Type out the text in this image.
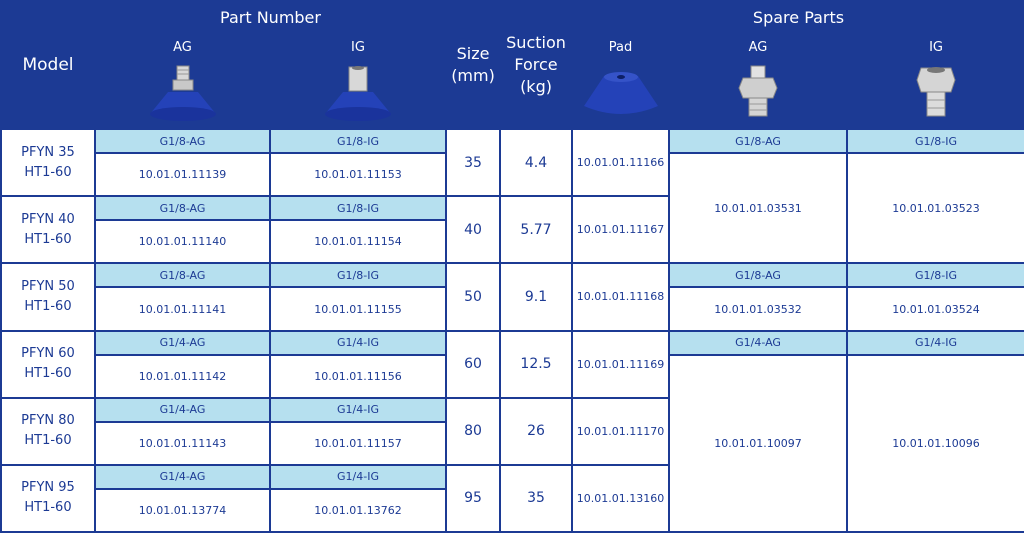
Model	Part Number		Size (mm)	Suction Force (kg)	Spare Parts		
	AG	IG			Pad	AG	IG

PFYN 35
HT1-60	G1/8-AG	G1/8-IG	35	4.4	10.01.01.11166	G1/8-AG	G1/8-IG
	10.01.01.11139	10.01.01.11153				10.01.01.03531	10.01.01.03523
PFYN 40
HT1-60	G1/8-AG	G1/8-IG	40	5.77	10.01.01.11167		
	10.01.01.11140	10.01.01.11154					
PFYN 50
HT1-60	G1/8-AG	G1/8-IG	50	9.1	10.01.01.11168	G1/8-AG	G1/8-IG
	10.01.01.11141	10.01.01.11155				10.01.01.03532	10.01.01.03524
PFYN 60
HT1-60	G1/4-AG	G1/4-IG	60	12.5	10.01.01.11169	G1/4-AG	G1/4-IG
	10.01.01.11142	10.01.01.11156				10.01.01.10097	10.01.01.10096
PFYN 80
HT1-60	G1/4-AG	G1/4-IG	80	26	10.01.01.11170		
	10.01.01.11143	10.01.01.11157					
PFYN 95
HT1-60	G1/4-AG	G1/4-IG	95	35	10.01.01.13160		
	10.01.01.13774	10.01.01.13762					
